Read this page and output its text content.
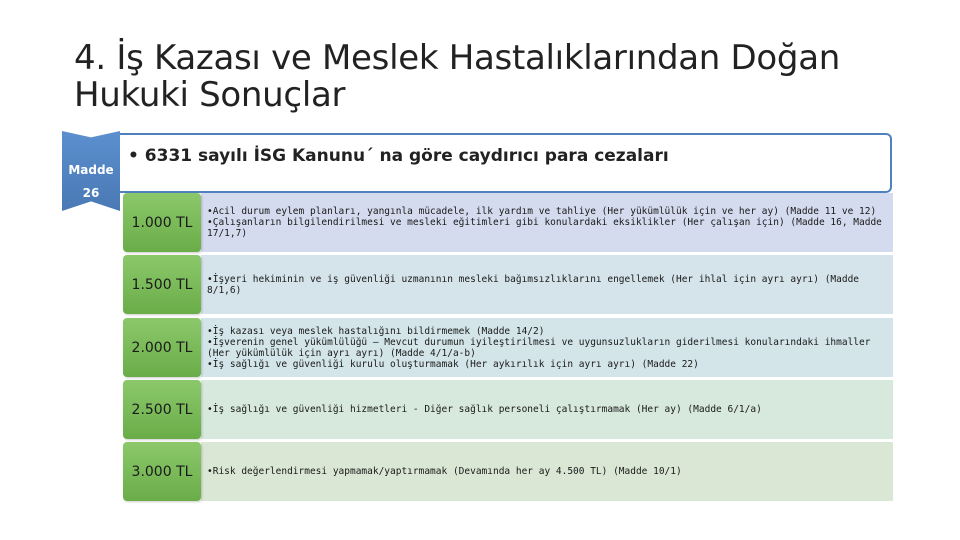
4. İş Kazası ve Meslek Hastalıklarından Doğan Hukuki Sonuçlar
Madde
26
• 6331 sayılı İSG Kanunu´ na göre caydırıcı para cezaları
•Acil durum eylem planları, yangınla mücadele, ilk yardım ve tahliye (Her yükümlülük için ve her ay) (Madde 11 ve 12)
•Çalışanların bilgilendirilmesi ve mesleki eğitimleri gibi konulardaki eksiklikler (Her çalışan için) (Madde 16, Madde 17/1,7)
1.000 TL
•İşyeri hekiminin ve iş güvenliği uzmanının mesleki bağımsızlıklarını engellemek (Her ihlal için ayrı ayrı) (Madde 8/1,6)
1.500 TL
•İş kazası veya meslek hastalığını bildirmemek (Madde 14/2)
•İşverenin genel yükümlülüğü – Mevcut durumun iyileştirilmesi ve uygunsuzlukların giderilmesi konularındaki ihmaller (Her yükümlülük için ayrı ayrı) (Madde 4/1/a-b)
•İş sağlığı ve güvenliği kurulu oluşturmamak (Her aykırılık için ayrı ayrı) (Madde 22)
2.000 TL
•İş sağlığı ve güvenliği hizmetleri - Diğer sağlık personeli çalıştırmamak (Her ay) (Madde 6/1/a)
2.500 TL
•Risk değerlendirmesi yapmamak/yaptırmamak (Devamında her ay 4.500 TL) (Madde 10/1)
3.000 TL
